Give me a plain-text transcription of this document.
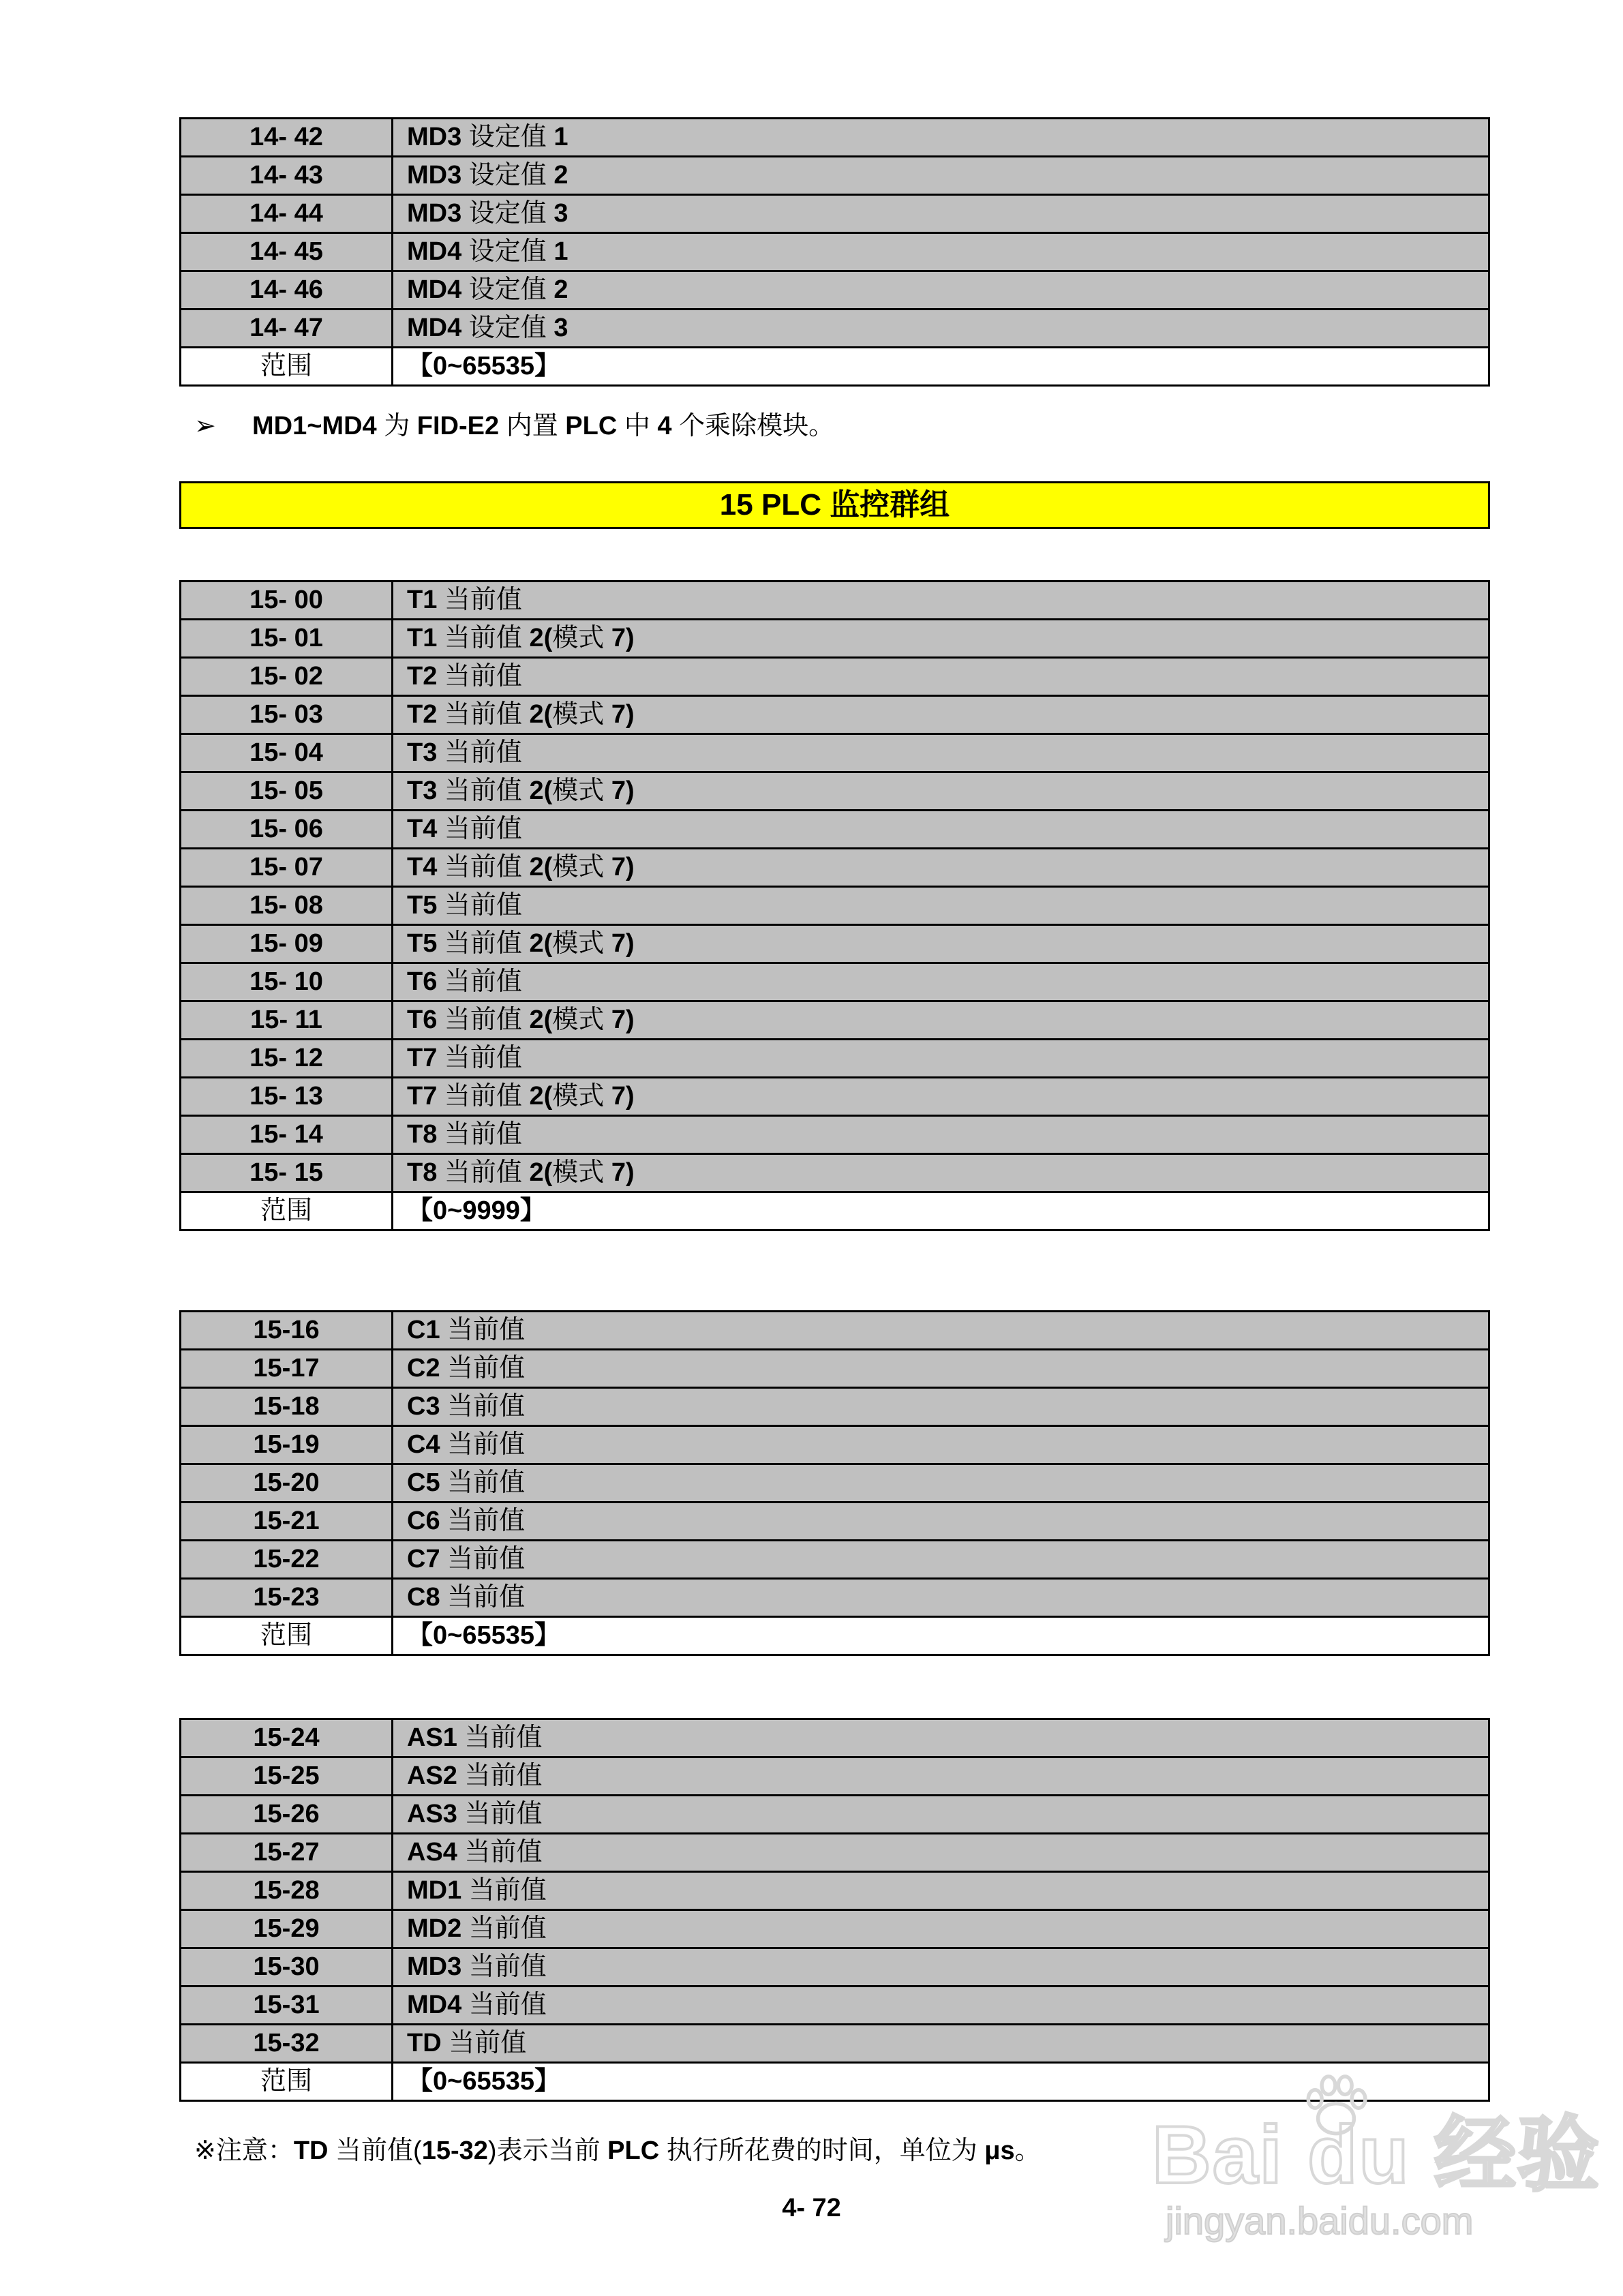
14- 42	MD3 设定值 1
14- 43	MD3 设定值 2
14- 44	MD3 设定值 3
14- 45	MD4 设定值 1
14- 46	MD4 设定值 2
14- 47	MD4 设定值 3
范围	【0~65535】
➢ MD1~MD4 为 FID-E2 内置 PLC 中 4 个乘除模块。
15 PLC 监控群组
15- 00	T1 当前值
15- 01	T1 当前值 2(模式 7)
15- 02	T2 当前值
15- 03	T2 当前值 2(模式 7)
15- 04	T3 当前值
15- 05	T3 当前值 2(模式 7)
15- 06	T4 当前值
15- 07	T4 当前值 2(模式 7)
15- 08	T5 当前值
15- 09	T5 当前值 2(模式 7)
15- 10	T6 当前值
15- 11	T6 当前值 2(模式 7)
15- 12	T7 当前值
15- 13	T7 当前值 2(模式 7)
15- 14	T8 当前值
15- 15	T8 当前值 2(模式 7)
范围	【0~9999】
15-16	C1 当前值
15-17	C2 当前值
15-18	C3 当前值
15-19	C4 当前值
15-20	C5 当前值
15-21	C6 当前值
15-22	C7 当前值
15-23	C8 当前值
范围	【0~65535】
15-24	AS1 当前值
15-25	AS2 当前值
15-26	AS3 当前值
15-27	AS4 当前值
15-28	MD1 当前值
15-29	MD2 当前值
15-30	MD3 当前值
15-31	MD4 当前值
15-32	TD 当前值
范围	【0~65535】
※注意：TD 当前值(15-32)表示当前 PLC 执行所花费的时间，单位为 μs。
4- 72
Bai du 经验
jingyan.baidu.com
